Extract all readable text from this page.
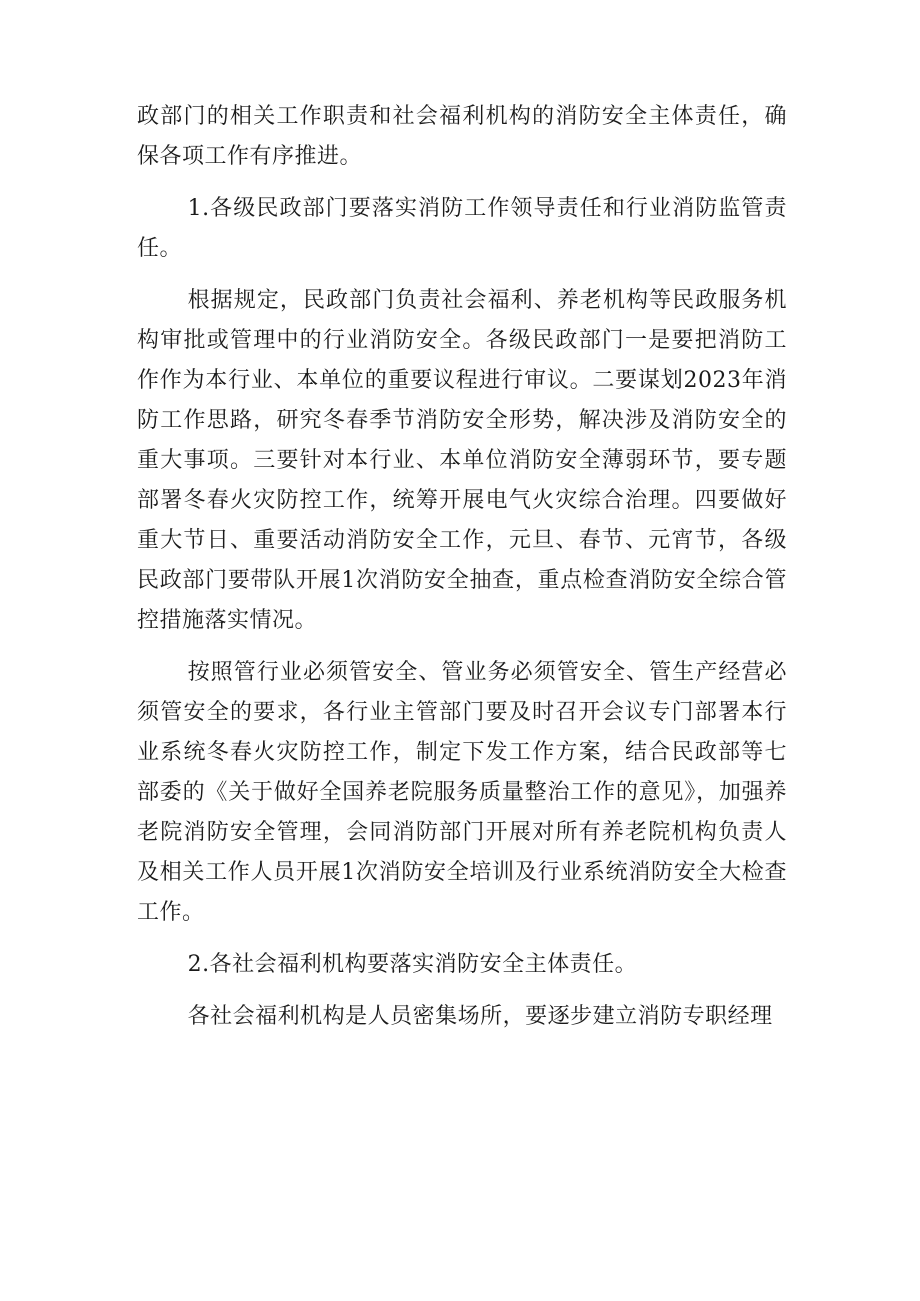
政部门的相关工作职责和社会福利机构的消防安全主体责任，确保各项工作有序推进。

1.各级民政部门要落实消防工作领导责任和行业消防监管责任。

根据规定，民政部门负责社会福利、养老机构等民政服务机构审批或管理中的行业消防安全。各级民政部门一是要把消防工作作为本行业、本单位的重要议程进行审议。二要谋划2023年消防工作思路，研究冬春季节消防安全形势，解决涉及消防安全的重大事项。三要针对本行业、本单位消防安全薄弱环节，要专题部署冬春火灾防控工作，统筹开展电气火灾综合治理。四要做好重大节日、重要活动消防安全工作，元旦、春节、元宵节，各级民政部门要带队开展1次消防安全抽查，重点检查消防安全综合管控措施落实情况。

按照管行业必须管安全、管业务必须管安全、管生产经营必须管安全的要求，各行业主管部门要及时召开会议专门部署本行业系统冬春火灾防控工作，制定下发工作方案，结合民政部等七部委的《关于做好全国养老院服务质量整治工作的意见》，加强养老院消防安全管理，会同消防部门开展对所有养老院机构负责人及相关工作人员开展1次消防安全培训及行业系统消防安全大检查工作。

2.各社会福利机构要落实消防安全主体责任。

各社会福利机构是人员密集场所，要逐步建立消防专职经理
